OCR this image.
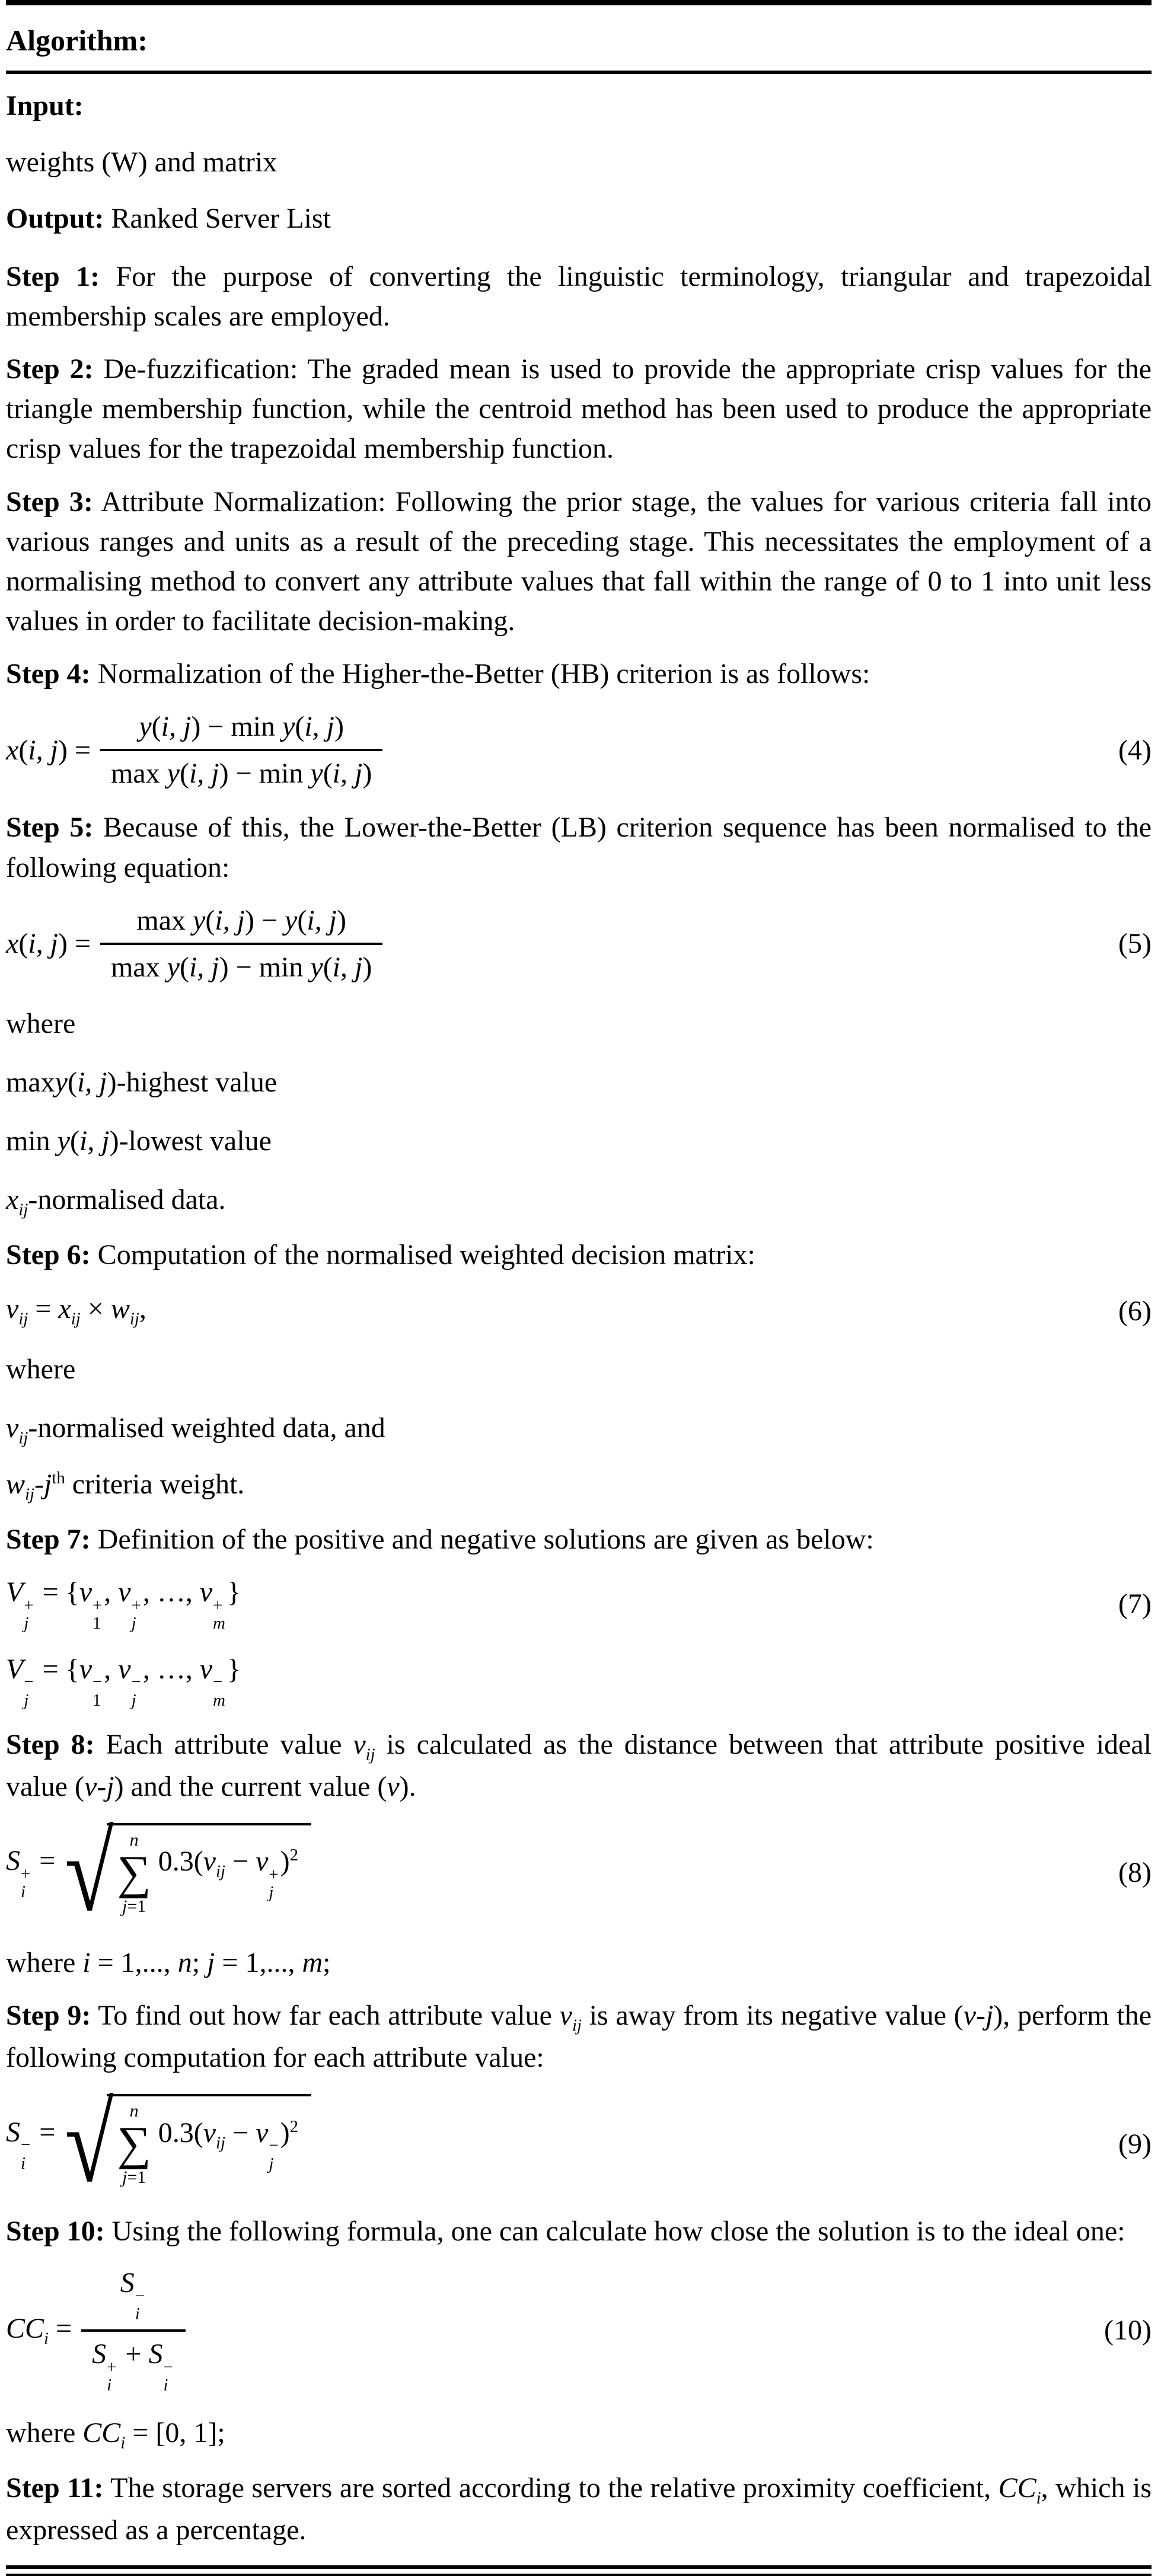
Algorithm:

Input:

weights (W) and matrix

Output: Ranked Server List

Step 1: For the purpose of converting the linguistic terminology, triangular and trapezoidal membership scales are employed.

Step 2: De-fuzzification: The graded mean is used to provide the appropriate crisp values for the triangle membership function, while the centroid method has been used to produce the appropriate crisp values for the trapezoidal membership function.

Step 3: Attribute Normalization: Following the prior stage, the values for various criteria fall into various ranges and units as a result of the preceding stage. This necessitates the employment of a normalising method to convert any attribute values that fall within the range of 0 to 1 into unit less values in order to facilitate decision-making.

Step 4: Normalization of the Higher-the-Better (HB) criterion is as follows:

x(i, $j) = \frac{\text{y(i, j) − min y(i, j)}}{\text{max y(i, j) − min y(i, j)}}$	(4)

Step 5: Because of this, the Lower-the-Better (LB) criterion sequence has been normalised to the following equation:

x(i, $j) = \frac{\text{max y(i, j) − y(i, j)}}{\text{max y(i, j) − min y(i, j)}}$	(5)

where

maxy(i, j)-highest value

min y(i, j)-lowest value

$x_{ij}$-normalised data.

Step 6: Computation of the normalised weighted decision matrix:

$v_{ij} = x_{ij} \times w_{ij}$,	(6)

where

$v_{ij}$-normalised weighted data, and

$w_{ij}-j^{th}$ criteria weight.

Step 7: Definition of the positive and negative solutions are given as below:

V +
j
= {v +
1
, v +
j
, …, v +
m
}	(7)
V −
j
= {v −
1
, v −
j
, …, v −
m
}

Step 8: Each attribute value $v_{ij}$ is calculated as the distance between that attribute positive ideal value (v-j) and the current value (v).

S +
i
= √ n
∑
j=1
$0.3(v_{ij} - v$ +
j
)$^2$
(8)

where i = 1,..., n; j = 1,..., m;

Step 9: To find out how far each attribute value $v_{ij}$ is away from its negative value (v-j), perform the following computation for each attribute value:

S −
i
= √ n
∑
j=1
$0.3(v_{ij} - v$ −
j
)$^2$
(9)

Step 10: Using the following formula, one can calculate how close the solution is to the ideal one:

$CC_i = S$ −
i
S +
i
+ S −
i	(10)

where $CC_i = [0$, 1];

Step 11: The storage servers are sorted according to the relative proximity coefficient, $CC_i$, which is expressed as a percentage.
